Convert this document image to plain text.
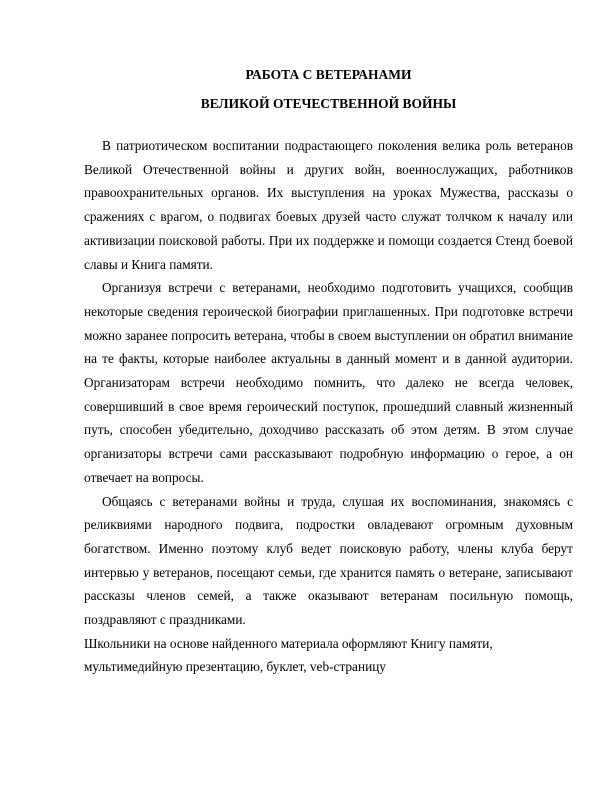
РАБОТА С ВЕТЕРАНАМИ

ВЕЛИКОЙ ОТЕЧЕСТВЕННОЙ ВОЙНЫ

В патриотическом воспитании подрастающего поколения велика роль ветеранов Великой Отечественной войны и других войн, военнослужащих, работников правоохранительных органов. Их выступления на уроках Мужества, рассказы о сражениях с врагом, о подвигах боевых друзей часто служат толчком к началу или активизации поисковой работы. При их поддержке и помощи создается Стенд боевой славы и Книга памяти.

Организуя встречи с ветеранами, необходимо подготовить учащихся, сообщив некоторые сведения героической биографии приглашенных. При подготовке встречи можно заранее попросить ветерана, чтобы в своем выступлении он обратил внимание на те факты, которые наиболее актуальны в данный момент и в данной аудитории. Организаторам встречи необходимо помнить, что далеко не всегда человек, совершивший в свое время героический поступок, прошедший славный жизненный путь, способен убедительно, доходчиво рассказать об этом детям. В этом случае организаторы встречи сами рассказывают подробную информацию о герое, а он отвечает на вопросы.

Общаясь с ветеранами войны и труда, слушая их воспоминания, знакомясь с реликвиями народного подвига, подростки овладевают огромным духовным богатством. Именно поэтому клуб ведет поисковую работу, члены клуба берут интервью у ветеранов, посещают семьи, где хранится память о ветеране, записывают рассказы членов семей, а также оказывают ветеранам посильную помощь, поздравляют с праздниками.

Школьники на основе найденного материала оформляют Книгу памяти, мультимедийную презентацию, буклет, veb-страницу
